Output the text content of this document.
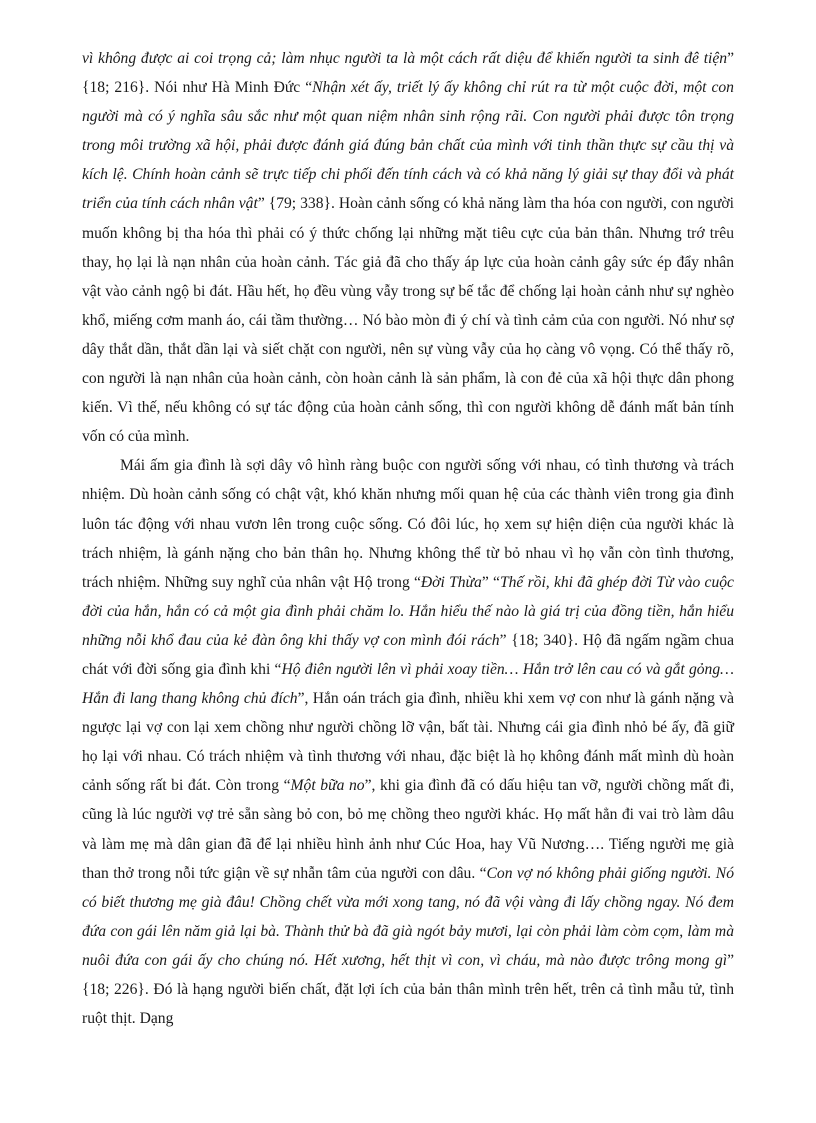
vì không được ai coi trọng cả; làm nhục người ta là một cách rất diệu để khiến người ta sinh đê tiện” {18; 216}. Nói như Hà Minh Đức “Nhận xét ấy, triết lý ấy không chỉ rút ra từ một cuộc đời, một con người mà có ý nghĩa sâu sắc như một quan niệm nhân sinh rộng rãi. Con người phải được tôn trọng trong môi trường xã hội, phải được đánh giá đúng bản chất của mình với tinh thần thực sự cầu thị và kích lệ. Chính hoàn cảnh sẽ trực tiếp chi phối đến tính cách và có khả năng lý giải sự thay đổi và phát triển của tính cách nhân vật” {79; 338}. Hoàn cảnh sống có khả năng làm tha hóa con người, con người muốn không bị tha hóa thì phải có ý thức chống lại những mặt tiêu cực của bản thân. Nhưng trớ trêu thay, họ lại là nạn nhân của hoàn cảnh. Tác giả đã cho thấy áp lực của hoàn cảnh gây sức ép đẩy nhân vật vào cảnh ngộ bi đát. Hầu hết, họ đều vùng vẫy trong sự bế tắc để chống lại hoàn cảnh như sự nghèo khổ, miếng cơm manh áo, cái tầm thường… Nó bào mòn đi ý chí và tình cảm của con người. Nó như sợ dây thắt dần, thắt dần lại và siết chặt con người, nên sự vùng vẫy của họ càng vô vọng. Có thể thấy rõ, con người là nạn nhân của hoàn cảnh, còn hoàn cảnh là sản phẩm, là con đẻ của xã hội thực dân phong kiến. Vì thế, nếu không có sự tác động của hoàn cảnh sống, thì con người không dễ đánh mất bản tính vốn có của mình.

Mái ấm gia đình là sợi dây vô hình ràng buộc con người sống với nhau, có tình thương và trách nhiệm. Dù hoàn cảnh sống có chật vật, khó khăn nhưng mối quan hệ của các thành viên trong gia đình luôn tác động với nhau vươn lên trong cuộc sống. Có đôi lúc, họ xem sự hiện diện của người khác là trách nhiệm, là gánh nặng cho bản thân họ. Nhưng không thể từ bỏ nhau vì họ vẫn còn tình thương, trách nhiệm. Những suy nghĩ của nhân vật Hộ trong “Đời Thừa” “Thế rồi, khi đã ghép đời Từ vào cuộc đời của hắn, hắn có cả một gia đình phải chăm lo. Hắn hiểu thế nào là giá trị của đồng tiền, hắn hiểu những nỗi khổ đau của kẻ đàn ông khi thấy vợ con mình đói rách” {18; 340}. Hộ đã ngấm ngầm chua chát với đời sống gia đình khi “Hộ điên người lên vì phải xoay tiền… Hắn trở lên cau có và gắt gỏng… Hắn đi lang thang không chủ đích”, Hắn oán trách gia đình, nhiều khi xem vợ con như là gánh nặng và ngược lại vợ con lại xem chồng như người chồng lỡ vận, bất tài. Nhưng cái gia đình nhỏ bé ấy, đã giữ họ lại với nhau. Có trách nhiệm và tình thương với nhau, đặc biệt là họ không đánh mất mình dù hoàn cảnh sống rất bi đát. Còn trong “Một bữa no”, khi gia đình đã có dấu hiệu tan vỡ, người chồng mất đi, cũng là lúc người vợ trẻ sẵn sàng bỏ con, bỏ mẹ chồng theo người khác. Họ mất hẳn đi vai trò làm dâu và làm mẹ mà dân gian đã để lại nhiều hình ảnh như Cúc Hoa, hay Vũ Nương…. Tiếng người mẹ già than thở trong nỗi tức giận về sự nhẫn tâm của người con dâu. “Con vợ nó không phải giống người. Nó có biết thương mẹ già đâu! Chồng chết vừa mới xong tang, nó đã vội vàng đi lấy chồng ngay. Nó đem đứa con gái lên năm giả lại bà. Thành thử bà đã già ngót bảy mươi, lại còn phải làm còm cọm, làm mà nuôi đứa con gái ấy cho chúng nó. Hết xương, hết thịt vì con, vì cháu, mà nào được trông mong gì” {18; 226}. Đó là hạng người biến chất, đặt lợi ích của bản thân mình trên hết, trên cả tình mẫu tử, tình ruột thịt. Dạng
